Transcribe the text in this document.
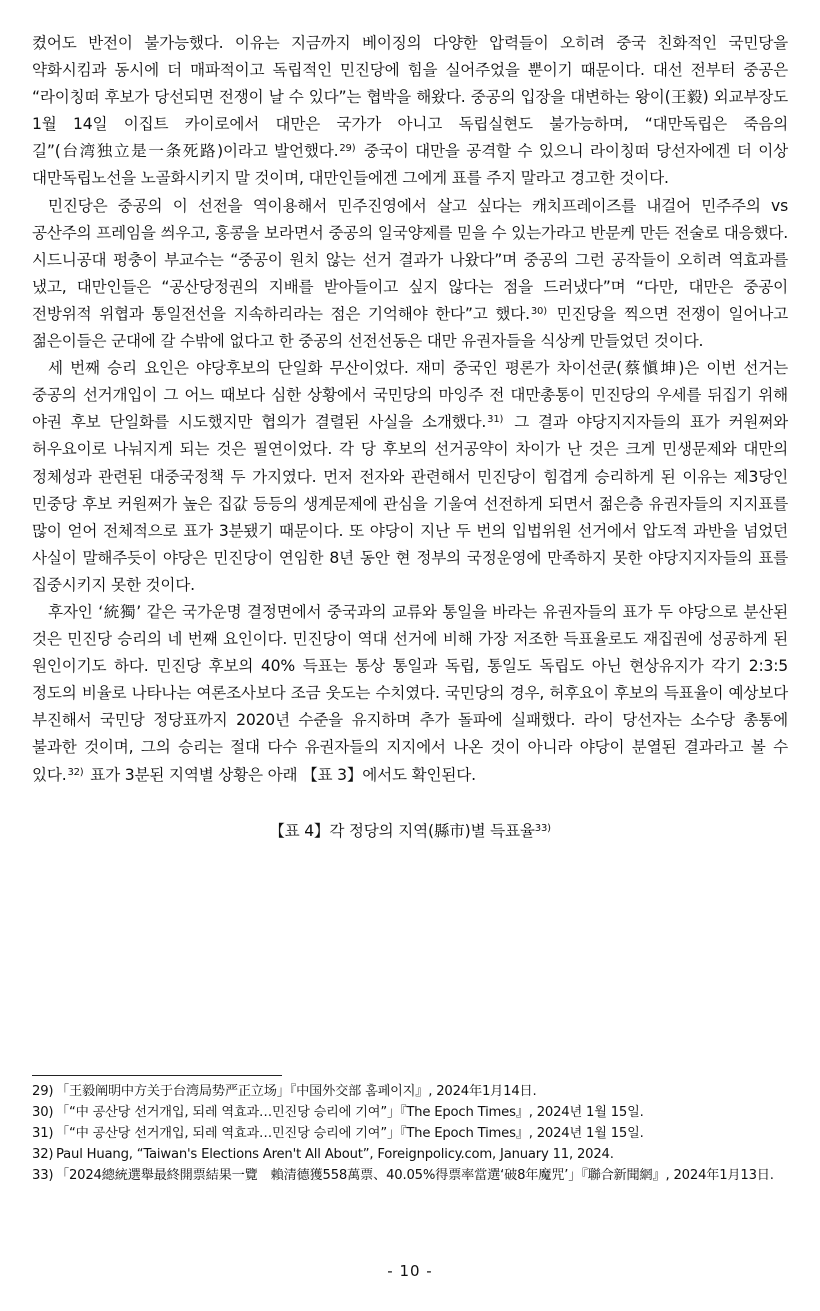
켰어도 반전이 불가능했다. 이유는 지금까지 베이징의 다양한 압력들이 오히려 중국 친화적인 국민당을 약화시킴과 동시에 더 매파적이고 독립적인 민진당에 힘을 실어주었을 뿐이기 때문이다. 대선 전부터 중공은 “라이칭떠 후보가 당선되면 전쟁이 날 수 있다”는 협박을 해왔다. 중공의 입장을 대변하는 왕이(王毅) 외교부장도 1월 14일 이집트 카이로에서 대만은 국가가 아니고 독립실현도 불가능하며, “대만독립은 죽음의 길”(台湾独立是一条死路)이라고 발언했다.$^{29)}$ 중국이 대만을 공격할 수 있으니 라이칭떠 당선자에겐 더 이상 대만독립노선을 노골화시키지 말 것이며, 대만인들에겐 그에게 표를 주지 말라고 경고한 것이다.

민진당은 중공의 이 선전을 역이용해서 민주진영에서 살고 싶다는 캐치프레이즈를 내걸어 민주주의 vs 공산주의 프레임을 씌우고, 홍콩을 보라면서 중공의 일국양제를 믿을 수 있는가라고 반문케 만든 전술로 대응했다. 시드니공대 펑충이 부교수는 “중공이 원치 않는 선거 결과가 나왔다”며 중공의 그런 공작들이 오히려 역효과를 냈고, 대만인들은 “공산당정권의 지배를 받아들이고 싶지 않다는 점을 드러냈다”며 “다만, 대만은 중공이 전방위적 위협과 통일전선을 지속하리라는 점은 기억해야 한다”고 했다.$^{30)}$ 민진당을 찍으면 전쟁이 일어나고 젊은이들은 군대에 갈 수밖에 없다고 한 중공의 선전선동은 대만 유권자들을 식상케 만들었던 것이다.

세 번째 승리 요인은 야당후보의 단일화 무산이었다. 재미 중국인 평론가 차이선쿤(蔡愼坤)은 이번 선거는 중공의 선거개입이 그 어느 때보다 심한 상황에서 국민당의 마잉주 전 대만총통이 민진당의 우세를 뒤집기 위해 야권 후보 단일화를 시도했지만 협의가 결렬된 사실을 소개했다.$^{31)}$ 그 결과 야당지지자들의 표가 커원쩌와 허우요이로 나눠지게 되는 것은 필연이었다. 각 당 후보의 선거공약이 차이가 난 것은 크게 민생문제와 대만의 정체성과 관련된 대중국정책 두 가지였다. 먼저 전자와 관련해서 민진당이 힘겹게 승리하게 된 이유는 제3당인 민중당 후보 커원쩌가 높은 집값 등등의 생계문제에 관심을 기울여 선전하게 되면서 젊은층 유권자들의 지지표를 많이 얻어 전체적으로 표가 3분됐기 때문이다. 또 야당이 지난 두 번의 입법위원 선거에서 압도적 과반을 넘었던 사실이 말해주듯이 야당은 민진당이 연임한 8년 동안 현 정부의 국정운영에 만족하지 못한 야당지지자들의 표를 집중시키지 못한 것이다.

후자인 ‘統獨’ 같은 국가운명 결정면에서 중국과의 교류와 통일을 바라는 유권자들의 표가 두 야당으로 분산된 것은 민진당 승리의 네 번째 요인이다. 민진당이 역대 선거에 비해 가장 저조한 득표율로도 재집권에 성공하게 된 원인이기도 하다. 민진당 후보의 40% 득표는 통상 통일과 독립, 통일도 독립도 아닌 현상유지가 각기 2:3:5 정도의 비율로 나타나는 여론조사보다 조금 웃도는 수치였다. 국민당의 경우, 허후요이 후보의 득표율이 예상보다 부진해서 국민당 정당표까지 2020년 수준을 유지하며 추가 돌파에 실패했다. 라이 당선자는 소수당 총통에 불과한 것이며, 그의 승리는 절대 다수 유권자들의 지지에서 나온 것이 아니라 야당이 분열된 결과라고 볼 수 있다.$^{32)}$ 표가 3분된 지역별 상황은 아래 【표 3】에서도 확인된다.

【표 4】각 정당의 지역(縣市)별 득표율$^{33)}$
29) 「王毅阐明中方关于台湾局势严正立场」『中国外交部 홈페이지』, 2024年1月14日.
30) 「“中 공산당 선거개입, 되레 역효과…민진당 승리에 기여”」『The Epoch Times』, 2024년 1월 15일.
31) 「“中 공산당 선거개입, 되레 역효과…민진당 승리에 기여”」『The Epoch Times』, 2024년 1월 15일.
32) Paul Huang, “Taiwan's Elections Aren't All About”, Foreignpolicy.com, January 11, 2024.
33) 「2024總統選舉最終開票結果一覽　賴清德獲558萬票、40.05%得票率當選‘破8年魔咒’」『聯合新聞網』, 2024年1月13日.
- 10 -
